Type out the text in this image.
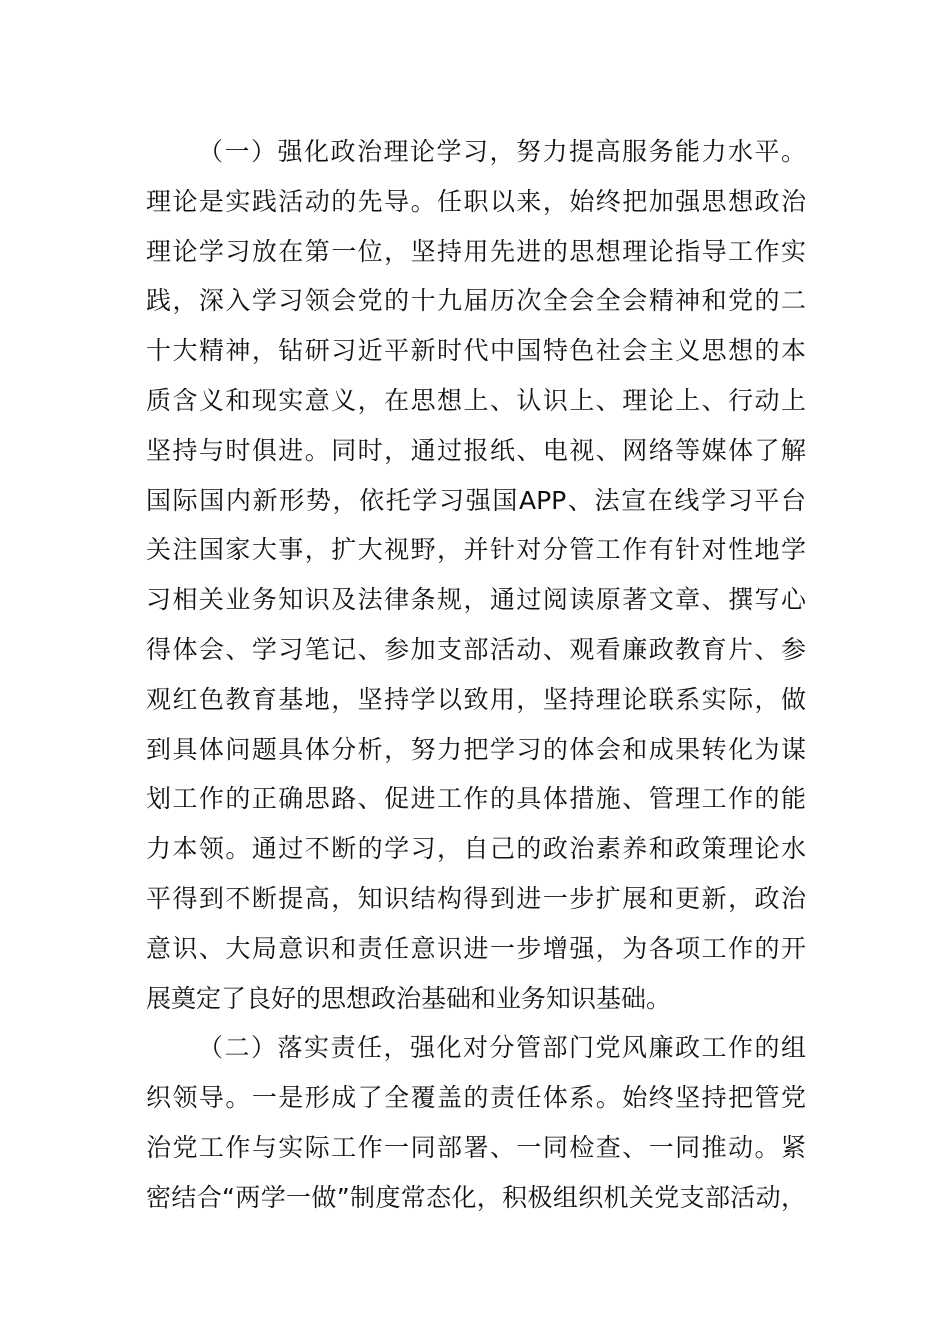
（一）强化政治理论学习，努力提高服务能力水平。
理论是实践活动的先导。任职以来，始终把加强思想政治
理论学习放在第一位，坚持用先进的思想理论指导工作实
践，深入学习领会党的十九届历次全会全会精神和党的二
十大精神，钻研习近平新时代中国特色社会主义思想的本
质含义和现实意义，在思想上、认识上、理论上、行动上
坚持与时俱进。同时，通过报纸、电视、网络等媒体了解
国际国内新形势，依托学习强国APP、法宣在线学习平台
关注国家大事，扩大视野，并针对分管工作有针对性地学
习相关业务知识及法律条规，通过阅读原著文章、撰写心
得体会、学习笔记、参加支部活动、观看廉政教育片、参
观红色教育基地，坚持学以致用，坚持理论联系实际，做
到具体问题具体分析，努力把学习的体会和成果转化为谋
划工作的正确思路、促进工作的具体措施、管理工作的能
力本领。通过不断的学习，自己的政治素养和政策理论水
平得到不断提高，知识结构得到进一步扩展和更新，政治
意识、大局意识和责任意识进一步增强，为各项工作的开
展奠定了良好的思想政治基础和业务知识基础。
（二）落实责任，强化对分管部门党风廉政工作的组
织领导。一是形成了全覆盖的责任体系。始终坚持把管党
治党工作与实际工作一同部署、一同检查、一同推动。紧
密结合“两学一做”制度常态化，积极组织机关党支部活动，
